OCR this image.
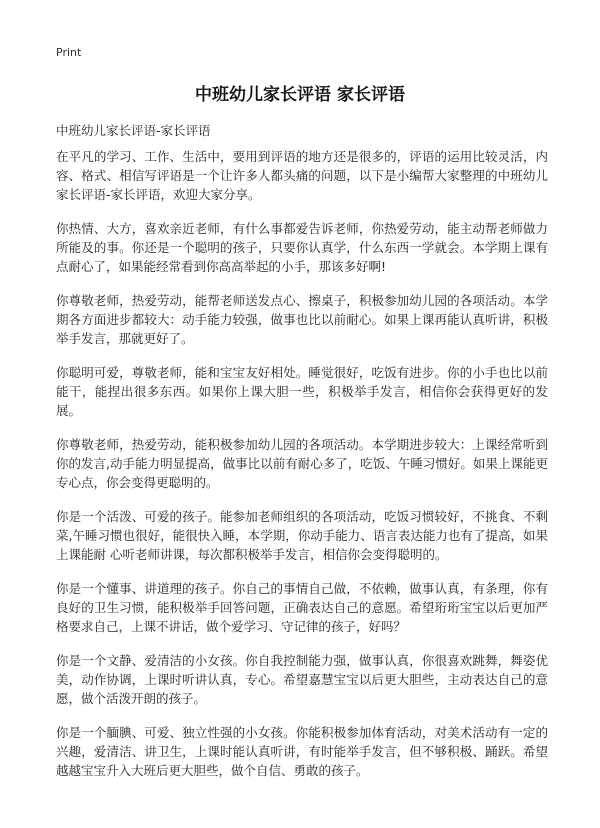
Print
中班幼儿家长评语 家长评语

中班幼儿家长评语-家长评语

在平凡的学习、工作、生活中，要用到评语的地方还是很多的，评语的运用比较灵活，内容、格式、相信写评语是一个让许多人都头痛的问题，以下是小编帮大家整理的中班幼儿家长评语-家长评语，欢迎大家分享。

你热情、大方，喜欢亲近老师，有什么事都爱告诉老师，你热爱劳动，能主动帮老师做力所能及的事。你还是一个聪明的孩子，只要你认真学，什么东西一学就会。本学期上课有点耐心了，如果能经常看到你高高举起的小手，那该多好啊!

你尊敬老师，热爱劳动，能帮老师送发点心、擦桌子，积极参加幼儿园的各项活动。本学期各方面进步都较大：动手能力较强，做事也比以前耐心。如果上课再能认真听讲，积极举手发言，那就更好了。

你聪明可爱，尊敬老师，能和宝宝友好相处。睡觉很好，吃饭有进步。你的小手也比以前能干，能捏出很多东西。如果你上课大胆一些，积极举手发言，相信你会获得更好的发展。

你尊敬老师，热爱劳动，能积极参加幼儿园的各项活动。本学期进步较大：上课经常听到你的发言,动手能力明显提高，做事比以前有耐心多了，吃饭、午睡习惯好。如果上课能更专心点，你会变得更聪明的。

你是一个活泼、可爱的孩子。能参加老师组织的各项活动，吃饭习惯较好，不挑食、不剩菜,午睡习惯也很好，能很快入睡，本学期，你动手能力、语言表达能力也有了提高，如果上课能耐 心听老师讲课，每次都积极举手发言，相信你会变得聪明的。

你是一个懂事、讲道理的孩子。你自己的事情自己做，不依赖，做事认真，有条理，你有良好的卫生习惯，能积极举手回答问题，正确表达自己的意愿。希望珩珩宝宝以后更加严格要求自己，上课不讲话，做个爱学习、守记律的孩子，好吗？

你是一个文静、爱清洁的小女孩。你自我控制能力强，做事认真，你很喜欢跳舞，舞姿优美，动作协调，上课时听讲认真，专心。希望嘉慧宝宝以后更大胆些，主动表达自己的意愿，做个活泼开朗的孩子。

你是一个腼腆、可爱、独立性强的小女孩。你能积极参加体育活动，对美术活动有一定的兴趣，爱清洁、讲卫生，上课时能认真听讲，有时能举手发言，但不够积极、踊跃。希望越越宝宝升入大班后更大胆些，做个自信、勇敢的孩子。
